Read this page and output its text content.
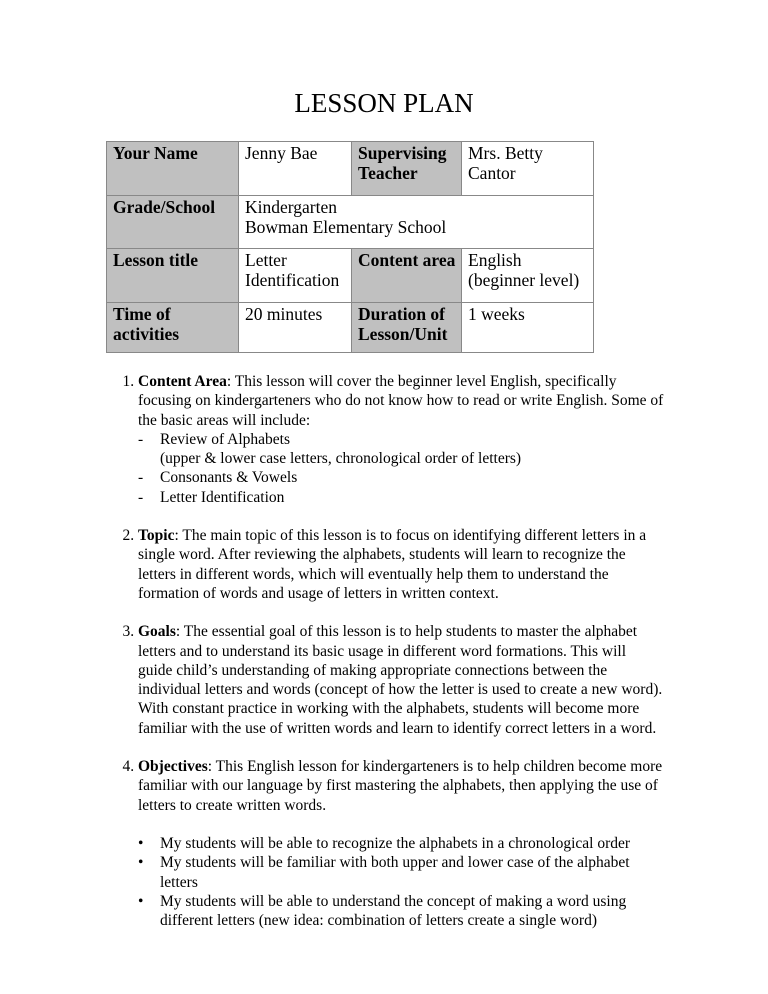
LESSON PLAN
Your Name	Jenny Bae	Supervising Teacher	Mrs. Betty Cantor
Grade/School	Kindergarten
Bowman Elementary School		

Lesson title	Letter Identification	Content area	English (beginner level)
Time of activities	20 minutes	Duration of Lesson/Unit	1 weeks
1. Content Area: This lesson will cover the beginner level English, specifically focusing on kindergarteners who do not know how to read or write English. Some of the basic areas will include:
- Review of Alphabets
(upper & lower case letters, chronological order of letters)
- Consonants & Vowels
- Letter Identification
2. Topic: The main topic of this lesson is to focus on identifying different letters in a single word. After reviewing the alphabets, students will learn to recognize the letters in different words, which will eventually help them to understand the formation of words and usage of letters in written context.
3. Goals: The essential goal of this lesson is to help students to master the alphabet letters and to understand its basic usage in different word formations. This will guide child’s understanding of making appropriate connections between the individual letters and words (concept of how the letter is used to create a new word). With constant practice in working with the alphabets, students will become more familiar with the use of written words and learn to identify correct letters in a word.
4. Objectives: This English lesson for kindergarteners is to help children become more familiar with our language by first mastering the alphabets, then applying the use of letters to create written words.
• My students will be able to recognize the alphabets in a chronological order
• My students will be familiar with both upper and lower case of the alphabet letters
• My students will be able to understand the concept of making a word using different letters (new idea: combination of letters create a single word)
